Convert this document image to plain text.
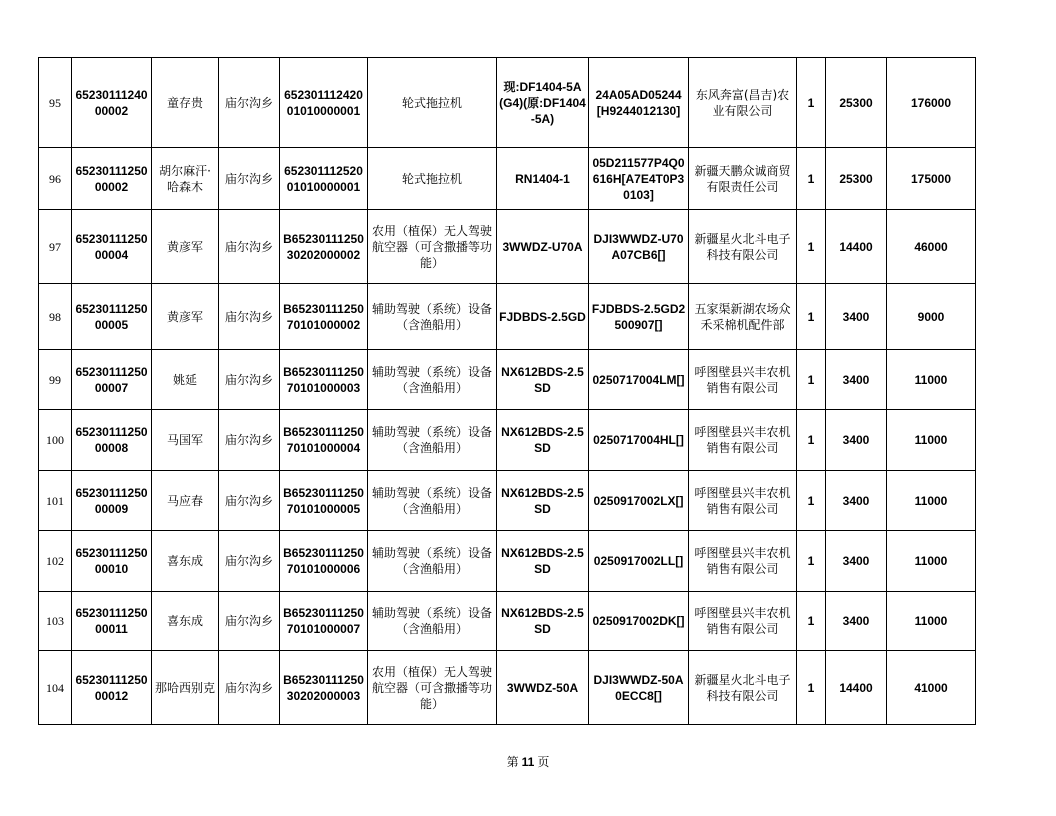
95	6523011124000002	童存贵	庙尔沟乡	65230111242001010000001	轮式拖拉机	现:DF1404-5A(G4)(原:DF1404-5A)	24A05AD05244[H9244012130]	东风奔富(昌吉)农业有限公司	1	25300	176000
96	6523011125000002	胡尔麻汗·哈森木	庙尔沟乡	65230111252001010000001	轮式拖拉机	RN1404-1	05D211577P4Q0616H[A7E4T0P30103]	新疆天鹏众诚商贸有限责任公司	1	25300	175000
97	6523011125000004	黄彦军	庙尔沟乡	B6523011125030202000002	农用（植保）无人驾驶航空器（可含撒播等功能）	3WWDZ-U70A	DJI3WWDZ-U70A07CB6[]	新疆星火北斗电子科技有限公司	1	14400	46000
98	6523011125000005	黄彦军	庙尔沟乡	B6523011125070101000002	辅助驾驶（系统）设备（含渔船用）	FJDBDS-2.5GD	FJDBDS-2.5GD2500907[]	五家渠新湖农场众禾采棉机配件部	1	3400	9000
99	6523011125000007	姚延	庙尔沟乡	B6523011125070101000003	辅助驾驶（系统）设备（含渔船用）	NX612BDS-2.5SD	0250717004LM[]	呼图壁县兴丰农机销售有限公司	1	3400	11000
100	6523011125000008	马国军	庙尔沟乡	B6523011125070101000004	辅助驾驶（系统）设备（含渔船用）	NX612BDS-2.5SD	0250717004HL[]	呼图壁县兴丰农机销售有限公司	1	3400	11000
101	6523011125000009	马应春	庙尔沟乡	B6523011125070101000005	辅助驾驶（系统）设备（含渔船用）	NX612BDS-2.5SD	0250917002LX[]	呼图壁县兴丰农机销售有限公司	1	3400	11000
102	6523011125000010	喜东成	庙尔沟乡	B6523011125070101000006	辅助驾驶（系统）设备（含渔船用）	NX612BDS-2.5SD	0250917002LL[]	呼图壁县兴丰农机销售有限公司	1	3400	11000
103	6523011125000011	喜东成	庙尔沟乡	B6523011125070101000007	辅助驾驶（系统）设备（含渔船用）	NX612BDS-2.5SD	0250917002DK[]	呼图壁县兴丰农机销售有限公司	1	3400	11000
104	6523011125000012	那哈西别克	庙尔沟乡	B6523011125030202000003	农用（植保）无人驾驶航空器（可含撒播等功能）	3WWDZ-50A	DJI3WWDZ-50A0ECC8[]	新疆星火北斗电子科技有限公司	1	14400	41000
第 11 页
